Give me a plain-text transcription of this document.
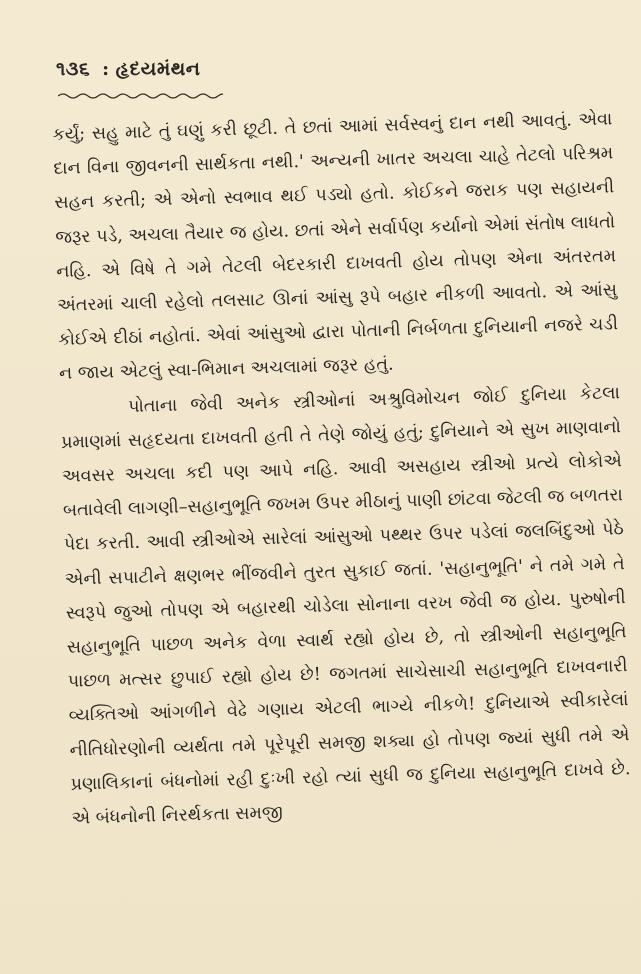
૧૩૬ : હૃદયમંથન

કર્યું; સહુ માટે તું ઘણું કરી છૂટી. તે છતાં આમાં સર્વસ્વનું દાન નથી આવતું. એવા દાન વિના જીવનની સાર્થકતા નથી.' અન્યની ખાતર અચલા ચાહે તેટલો પરિશ્રમ સહન કરતી; એ એનો સ્વભાવ થઈ પડ્યો હતો. કોઈકને જરાક પણ સહાયની જરૂર પડે, અચલા તૈયાર જ હોય. છતાં એને સર્વાર્પણ કર્યાનો એમાં સંતોષ લાધતો નહિ. એ વિષે તે ગમે તેટલી બેદરકારી દાખવતી હોય તોપણ એના અંતરતમ અંતરમાં ચાલી રહેલો તલસાટ ઊનાં આંસુ રૂપે બહાર નીકળી આવતો. એ આંસુ કોઈએ દીઠાં નહોતાં. એવાં આંસુઓ દ્વારા પોતાની નિર્બળતા દુનિયાની નજરે ચડી ન જાય એટલું સ્વા-ભિમાન અચલામાં જરૂર હતું.

પોતાના જેવી અનેક સ્ત્રીઓનાં અશ્રુવિમોચન જોઈ દુનિયા કેટલા પ્રમાણમાં સહૃદયતા દાખવતી હતી તે તેણે જોયું હતું; દુનિયાને એ સુખ માણવાનો અવસર અચલા કદી પણ આપે નહિ. આવી અસહાય સ્ત્રીઓ પ્રત્યે લોકોએ બતાવેલી લાગણી–સહાનુભૂતિ જખમ ઉપર મીઠાનું પાણી છાંટવા જેટલી જ બળતરા પેદા કરતી. આવી સ્ત્રીઓએ સારેલાં આંસુઓ પથ્થર ઉપર પડેલાં જલબિંદુઓ પેઠે એની સપાટીને ક્ષણભર ભીંજવીને તુરત સુકાઈ જતાં. 'સહાનુભૂતિ' ને તમે ગમે તે સ્વરૂપે જુઓ તોપણ એ બહારથી ચોડેલા સોનાના વરખ જેવી જ હોય. પુરુષોની સહાનુભૂતિ પાછળ અનેક વેળા સ્વાર્થ રહ્યો હોય છે, તો સ્ત્રીઓની સહાનુભૂતિ પાછળ મત્સર છુપાઈ રહ્યો હોય છે! જગતમાં સાચેસાચી સહાનુભૂતિ દાખવનારી વ્યક્તિઓ આંગળીને વેઢે ગણાય એટલી ભાગ્યે નીકળે! દુનિયાએ સ્વીકારેલાં નીતિધોરણોની વ્યર્થતા તમે પૂરેપૂરી સમજી શક્યા હો તોપણ જ્યાં સુધી તમે એ પ્રણાલિકાનાં બંધનોમાં રહી દુઃખી રહો ત્યાં સુધી જ દુનિયા સહાનુભૂતિ દાખવે છે. એ બંધનોની નિરર્થકતા સમજી
